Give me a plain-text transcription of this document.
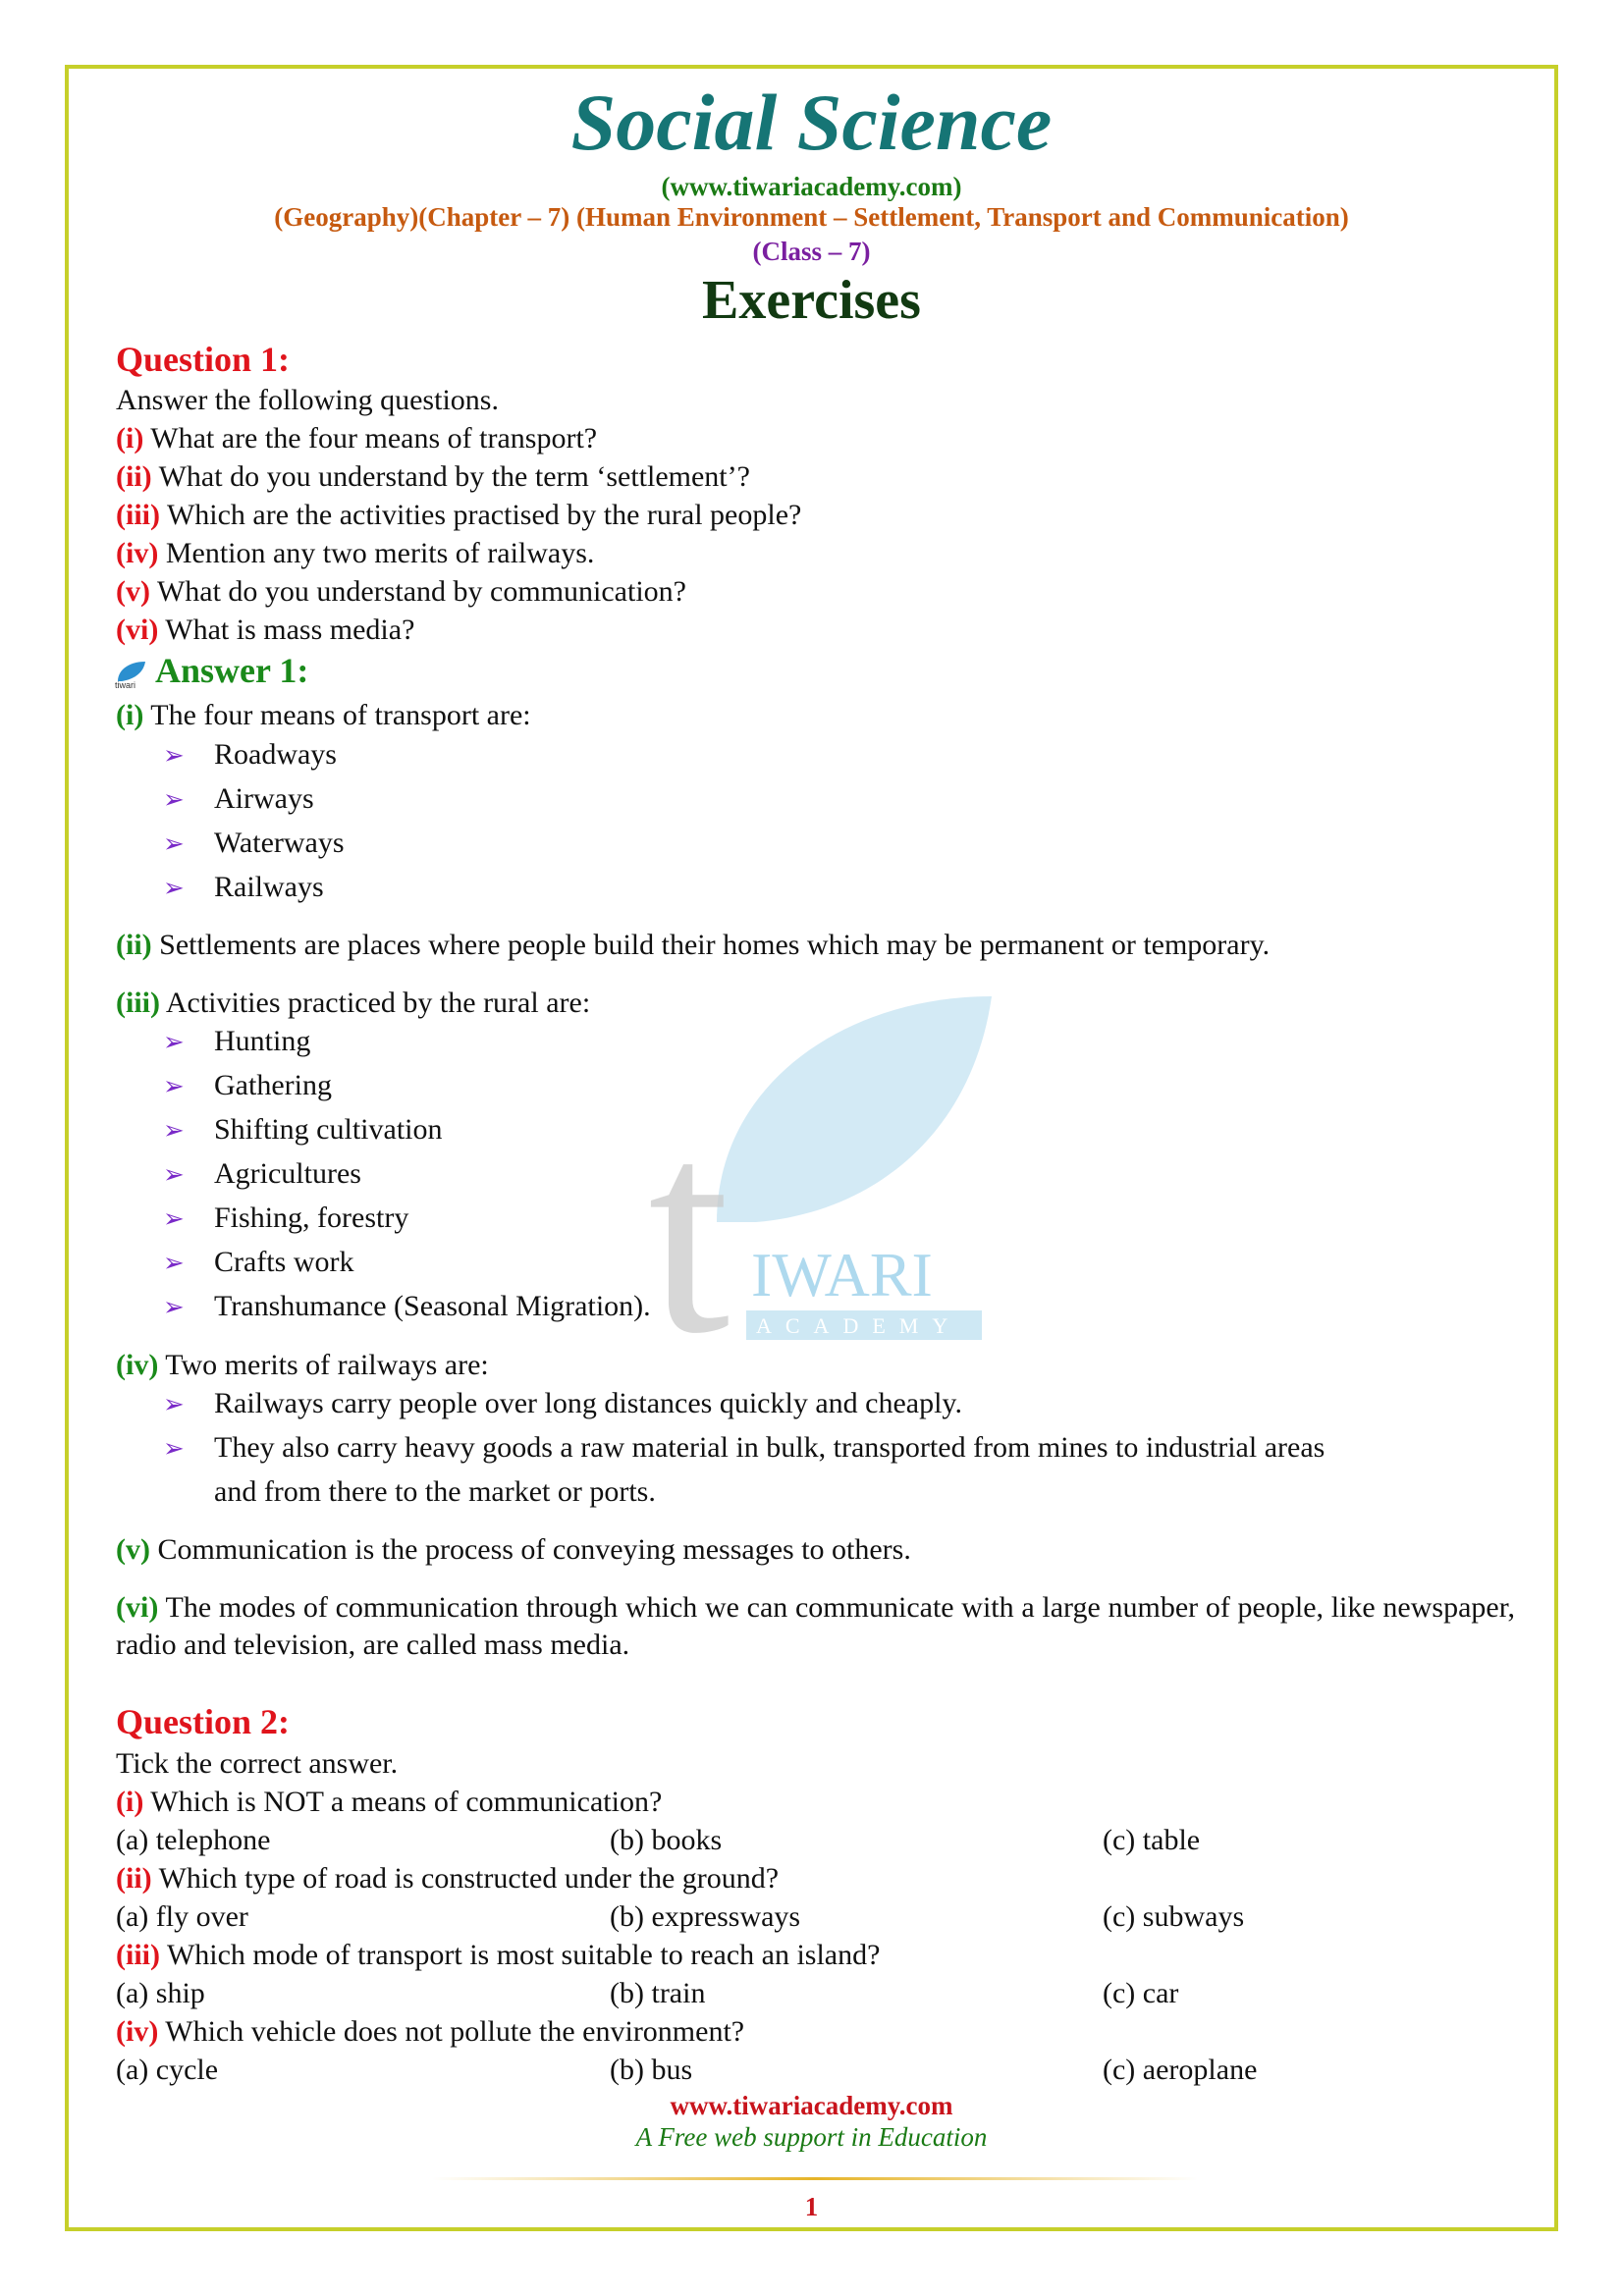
t IWARI
ACADEMY
Social Science
(www.tiwariacademy.com)
(Geography)(Chapter – 7) (Human Environment – Settlement, Transport and Communication)
(Class – 7)
Exercises
Question 1:
Answer the following questions.
(i) What are the four means of transport?
(ii) What do you understand by the term ‘settlement’?
(iii) Which are the activities practised by the rural people?
(iv) Mention any two merits of railways.
(v) What do you understand by communication?
(vi) What is mass media?
tiwari Answer 1:
(i) The four means of transport are:
➢ Roadways
➢ Airways
➢ Waterways
➢ Railways
(ii) Settlements are places where people build their homes which may be permanent or temporary.
(iii) Activities practiced by the rural are:
➢ Hunting
➢ Gathering
➢ Shifting cultivation
➢ Agricultures
➢ Fishing, forestry
➢ Crafts work
➢ Transhumance (Seasonal Migration).
(iv) Two merits of railways are:
➢ Railways carry people over long distances quickly and cheaply.
➢ They also carry heavy goods a raw material in bulk, transported from mines to industrial areas
and from there to the market or ports.
(v) Communication is the process of conveying messages to others.
(vi) The modes of communication through which we can communicate with a large number of people, like newspaper, radio and television, are called mass media.
Question 2:
Tick the correct answer.
(i) Which is NOT a means of communication?
(a) telephone	(b) books	(c) table
(ii) Which type of road is constructed under the ground?
(a) fly over	(b) expressways	(c) subways
(iii) Which mode of transport is most suitable to reach an island?
(a) ship	(b) train	(c) car
(iv) Which vehicle does not pollute the environment?
(a) cycle	(b) bus	(c) aeroplane
www.tiwariacademy.com
A Free web support in Education
1
